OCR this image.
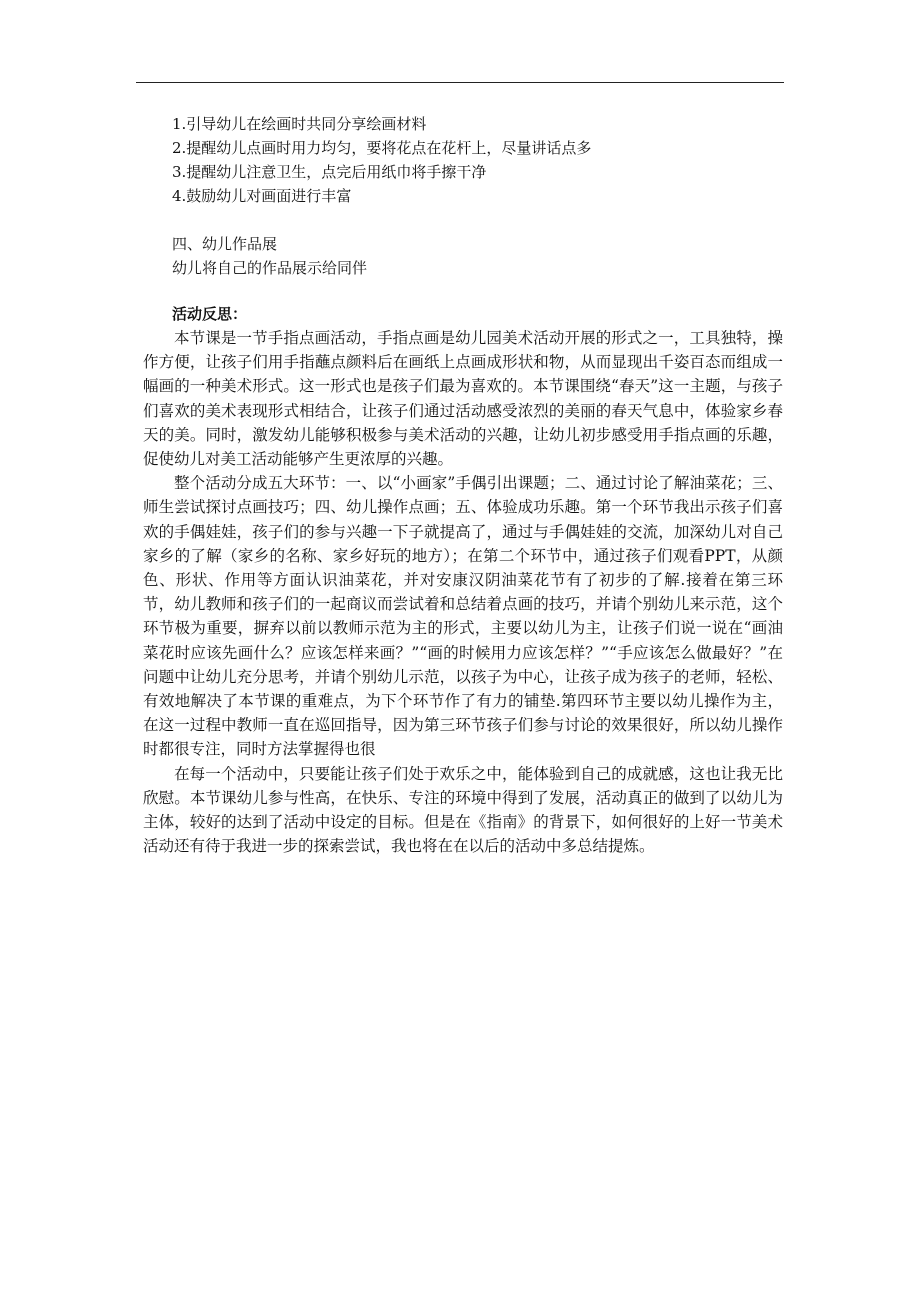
1.引导幼儿在绘画时共同分享绘画材料
2.提醒幼儿点画时用力均匀，要将花点在花杆上，尽量讲话点多
3.提醒幼儿注意卫生，点完后用纸巾将手擦干净
4.鼓励幼儿对画面进行丰富
四、幼儿作品展
幼儿将自己的作品展示给同伴
活动反思：

本节课是一节手指点画活动，手指点画是幼儿园美术活动开展的形式之一，工具独特，操作方便，让孩子们用手指蘸点颜料后在画纸上点画成形状和物，从而显现出千姿百态而组成一幅画的一种美术形式。这一形式也是孩子们最为喜欢的。本节课围绕“春天”这一主题，与孩子们喜欢的美术表现形式相结合，让孩子们通过活动感受浓烈的美丽的春天气息中，体验家乡春天的美。同时，激发幼儿能够积极参与美术活动的兴趣，让幼儿初步感受用手指点画的乐趣，促使幼儿对美工活动能够产生更浓厚的兴趣。

整个活动分成五大环节：一、以“小画家”手偶引出课题；二、通过讨论了解油菜花；三、师生尝试探讨点画技巧；四、幼儿操作点画；五、体验成功乐趣。第一个环节我出示孩子们喜欢的手偶娃娃，孩子们的参与兴趣一下子就提高了，通过与手偶娃娃的交流，加深幼儿对自己家乡的了解（家乡的名称、家乡好玩的地方）；在第二个环节中，通过孩子们观看PPT，从颜色、形状、作用等方面认识油菜花，并对安康汉阴油菜花节有了初步的了解.接着在第三环节，幼儿教师和孩子们的一起商议而尝试着和总结着点画的技巧，并请个别幼儿来示范，这个环节极为重要，摒弃以前以教师示范为主的形式，主要以幼儿为主，让孩子们说一说在“画油菜花时应该先画什么？应该怎样来画？”“画的时候用力应该怎样？”“手应该怎么做最好？”在问题中让幼儿充分思考，并请个别幼儿示范，以孩子为中心，让孩子成为孩子的老师，轻松、有效地解决了本节课的重难点，为下个环节作了有力的铺垫.第四环节主要以幼儿操作为主，在这一过程中教师一直在巡回指导，因为第三环节孩子们参与讨论的效果很好，所以幼儿操作时都很专注，同时方法掌握得也很

在每一个活动中，只要能让孩子们处于欢乐之中，能体验到自己的成就感，这也让我无比欣慰。本节课幼儿参与性高，在快乐、专注的环境中得到了发展，活动真正的做到了以幼儿为主体，较好的达到了活动中设定的目标。但是在《指南》的背景下，如何很好的上好一节美术活动还有待于我进一步的探索尝试，我也将在在以后的活动中多总结提炼。
